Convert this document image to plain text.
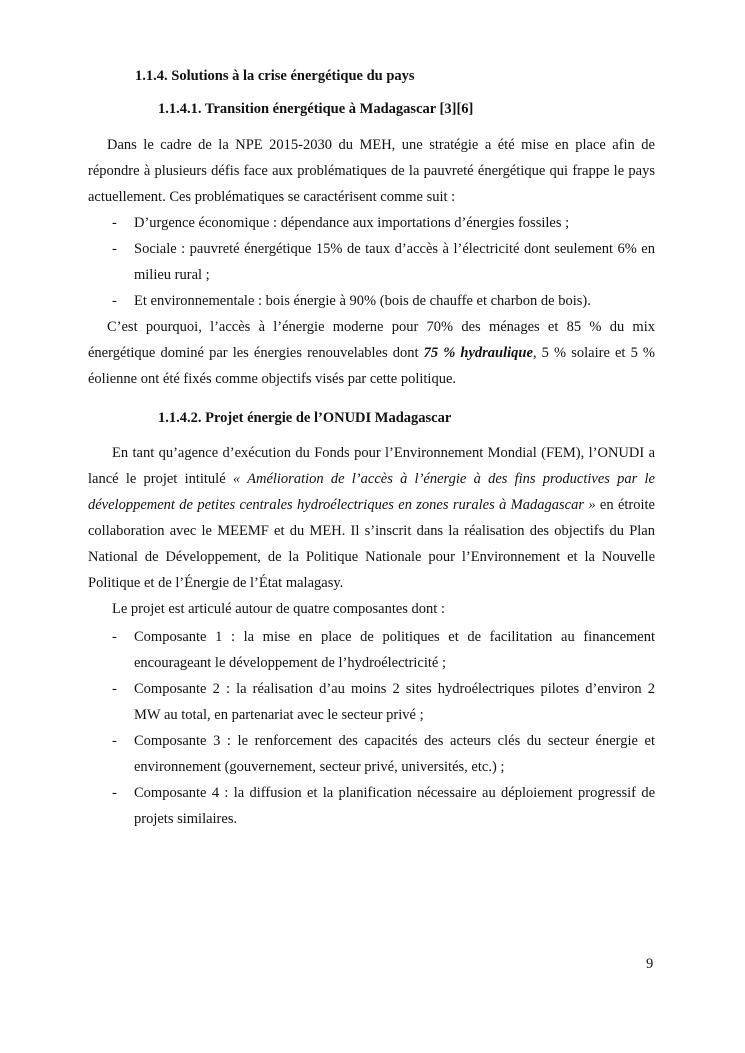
1.1.4. Solutions à la crise énergétique du pays
1.1.4.1. Transition énergétique à Madagascar [3][6]
Dans le cadre de la NPE 2015-2030 du MEH, une stratégie a été mise en place afin de répondre à plusieurs défis face aux problématiques de la pauvreté énergétique qui frappe le pays actuellement. Ces problématiques se caractérisent comme suit :
- D’urgence économique : dépendance aux importations d’énergies fossiles ;
- Sociale : pauvreté énergétique 15% de taux d’accès à l’électricité dont seulement 6% en milieu rural ;
- Et environnementale : bois énergie à 90% (bois de chauffe et charbon de bois).
C’est pourquoi, l’accès à l’énergie moderne pour 70% des ménages et 85 % du mix énergétique dominé par les énergies renouvelables dont 75 % hydraulique, 5 % solaire et 5 % éolienne ont été fixés comme objectifs visés par cette politique.
1.1.4.2. Projet énergie de l’ONUDI Madagascar
En tant qu’agence d’exécution du Fonds pour l’Environnement Mondial (FEM), l’ONUDI a lancé le projet intitulé « Amélioration de l’accès à l’énergie à des fins productives par le développement de petites centrales hydroélectriques en zones rurales à Madagascar » en étroite collaboration avec le MEEMF et du MEH. Il s’inscrit dans la réalisation des objectifs du Plan National de Développement, de la Politique Nationale pour l’Environnement et la Nouvelle Politique et de l’Énergie de l’État malagasy.
Le projet est articulé autour de quatre composantes dont :
- Composante 1 : la mise en place de politiques et de facilitation au financement encourageant le développement de l’hydroélectricité ;
- Composante 2 : la réalisation d’au moins 2 sites hydroélectriques pilotes d’environ 2 MW au total, en partenariat avec le secteur privé ;
- Composante 3 : le renforcement des capacités des acteurs clés du secteur énergie et environnement (gouvernement, secteur privé, universités, etc.) ;
- Composante 4 : la diffusion et la planification nécessaire au déploiement progressif de projets similaires.
9
